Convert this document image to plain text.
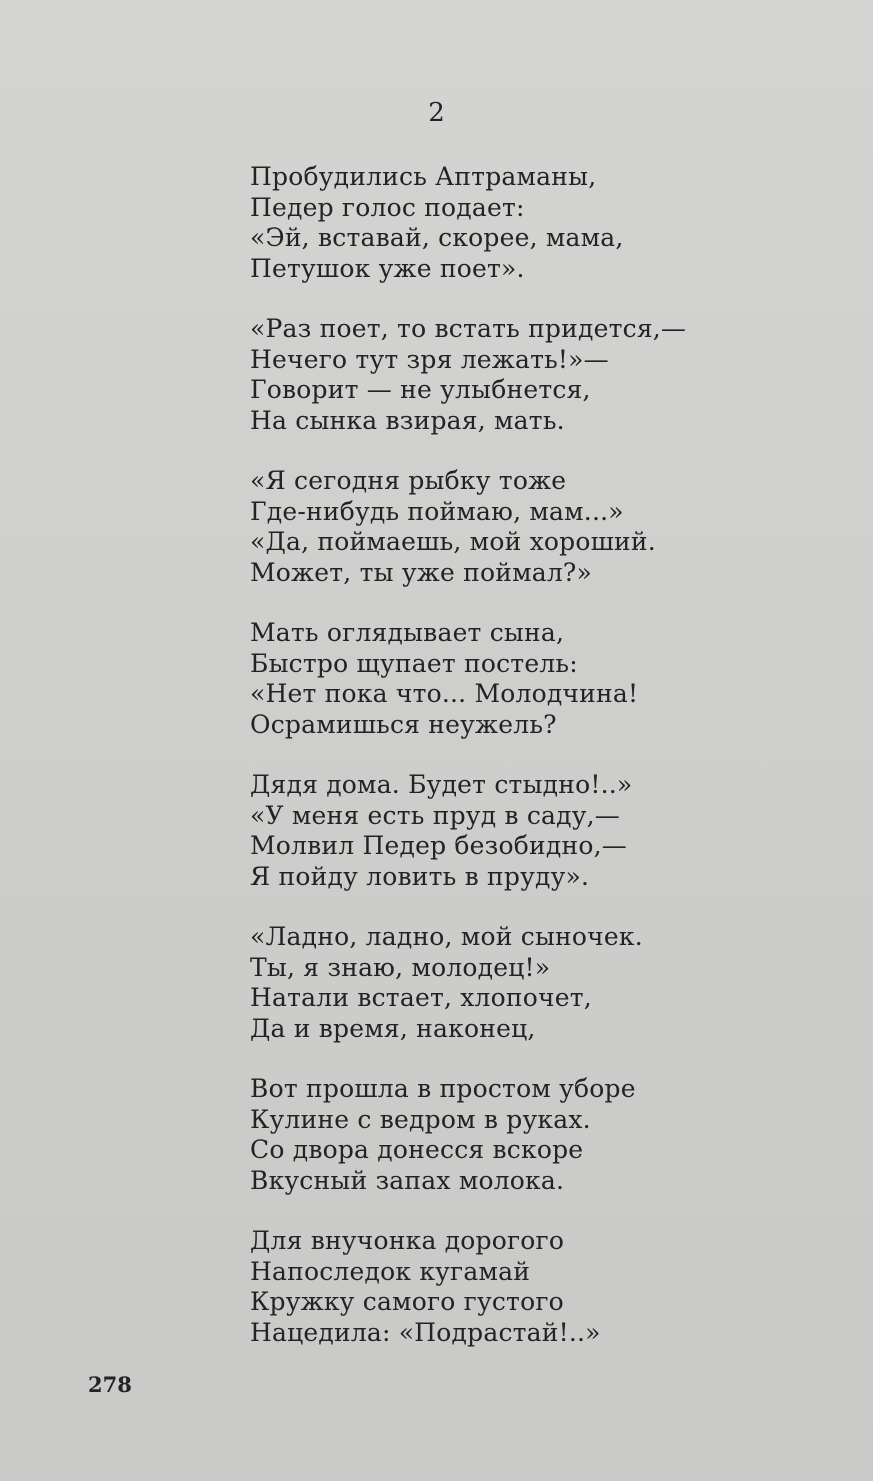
2
Пробудились Аптраманы,
Педер голос подает:
«Эй, вставай, скорее, мама,
Петушок уже поет».
«Раз поет, то встать придется,—
Нечего тут зря лежать!»—
Говорит — не улыбнется,
На сынка взирая, мать.
«Я сегодня рыбку тоже
Где-нибудь поймаю, мам...»
«Да, поймаешь, мой хороший.
Может, ты уже поймал?»
Мать оглядывает сына,
Быстро щупает постель:
«Нет пока что... Молодчина!
Осрамишься неужель?
Дядя дома. Будет стыдно!..»
«У меня есть пруд в саду,—
Молвил Педер безобидно,—
Я пойду ловить в пруду».
«Ладно, ладно, мой сыночек.
Ты, я знаю, молодец!»
Натали встает, хлопочет,
Да и время, наконец,
Вот прошла в простом уборе
Кулине с ведром в руках.
Со двора донесся вскоре
Вкусный запах молока.
Для внучонка дорогого
Напоследок кугамай
Кружку самого густого
Нацедила: «Подрастай!..»
278
